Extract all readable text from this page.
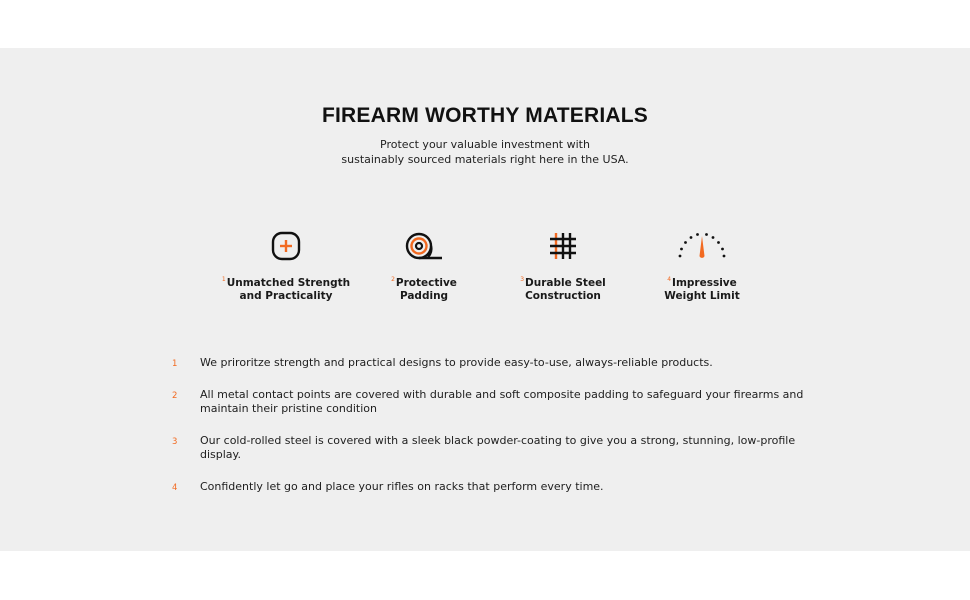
FIREARM WORTHY MATERIALS
Protect your valuable investment with
sustainably sourced materials right here in the USA.
$^1$Unmatched Strength
and Practicality
$^2$Protective
Padding
$^3$Durable Steel
Construction
$^4$Impressive
Weight Limit
1 We priroritze strength and practical designs to provide easy-to-use, always-reliable products.
2 All metal contact points are covered with durable and soft composite padding to safeguard your firearms and
maintain their pristine condition
3 Our cold-rolled steel is covered with a sleek black powder-coating to give you a strong, stunning, low-profile
display.
4 Confidently let go and place your rifles on racks that perform every time.
